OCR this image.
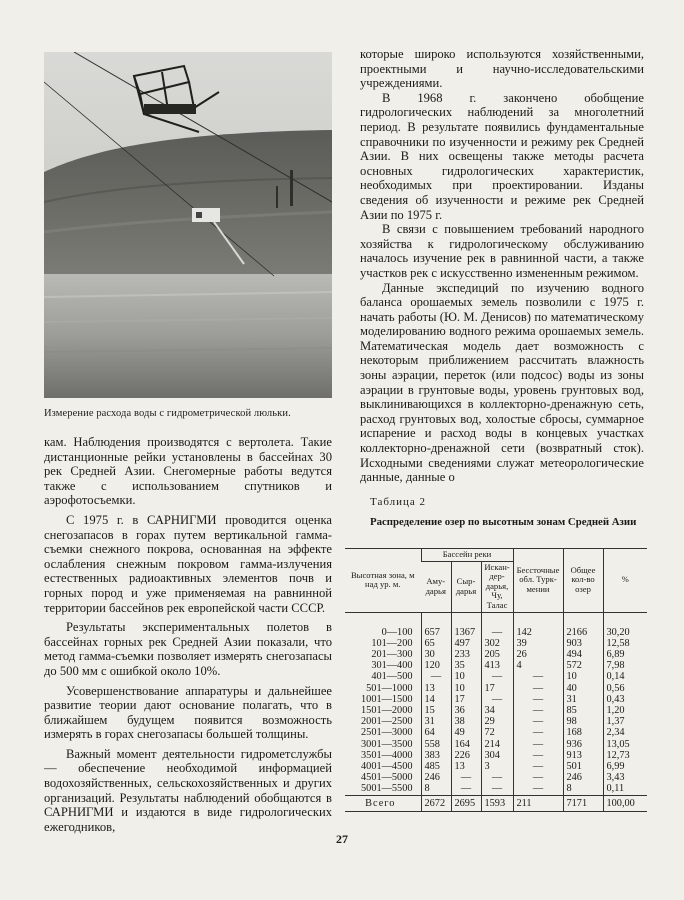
Измерение расхода воды с гидрометрической люльки.

кам. Наблюдения производятся с вертолета. Такие дистанционные рейки установлены в бассейнах 30 рек Средней Азии. Снегомерные работы ведутся также с использованием спутников и аэрофотосъемки.

С 1975 г. в САРНИГМИ проводится оценка снегозапасов в горах путем вертикальной гамма-съемки снежного покрова, основанная на эффекте ослабления снежным покровом гамма-излучения естественных радиоактивных элементов почв и горных пород и уже применяемая на равнинной территории бассейнов рек европейской части СССР.

Результаты экспериментальных полетов в бассейнах горных рек Средней Азии показали, что метод гамма-съемки позволяет измерять снегозапасы до 500 мм с ошибкой около 10%.

Усовершенствование аппаратуры и дальнейшее развитие теории дают основание полагать, что в ближайшем будущем появится возможность измерять в горах снегозапасы большей толщины.

Важный момент деятельности гидрометслужбы — обеспечение необходимой информацией водохозяйственных, сельскохозяйственных и других организаций. Результаты наблюдений обобщаются в САРНИГМИ и издаются в виде гидрологических ежегодников,

которые широко используются хозяйственными, проектными и научно-исследовательскими учреждениями.

В 1968 г. закончено обобщение гидрологических наблюдений за многолетний период. В результате появились фундаментальные справочники по изученности и режиму рек Средней Азии. В них освещены также методы расчета основных гидрологических характеристик, необходимых при проектировании. Изданы сведения об изученности и режиме рек Средней Азии по 1975 г.

В связи с повышением требований народного хозяйства к гидрологическому обслуживанию началось изучение рек в равнинной части, а также участков рек с искусственно измененным режимом.

Данные экспедиций по изучению водного баланса орошаемых земель позволили с 1975 г. начать работы (Ю. М. Денисов) по математическому моделированию водного режима орошаемых земель. Математическая модель дает возможность с некоторым приближением рассчитать влажность зоны аэрации, переток (или подсос) воды из зоны аэрации в грунтовые воды, уровень грунтовых вод, выклинивающихся в коллекторно-дренажную сеть, расход грунтовых вод, холостые сбросы, суммарное испарение и расход воды в концевых участках коллекторно-дренажной сети (возвратный сток). Исходными сведениями служат метеорологические данные, данные о

Таблица 2
Распределение озер по высотным зонам Средней Азии
Высотная зона, м над ур. м.	Бассейн реки			Бессточные обл. Турк-мении	Общее кол-во озер	%
	Аму-дарья	Сыр-дарья	Искан-дер-дарья, Чу, Талас			
0—100	657	1367	—	142	2166	30,20
101—200	65	497	302	39	903	12,58
201—300	30	233	205	26	494	6,89
301—400	120	35	413	4	572	7,98
401—500	—	10	—	—	10	0,14
501—1000	13	10	17	—	40	0,56
1001—1500	14	17	—	—	31	0,43
1501—2000	15	36	34	—	85	1,20
2001—2500	31	38	29	—	98	1,37
2501—3000	64	49	72	—	168	2,34
3001—3500	558	164	214	—	936	13,05
3501—4000	383	226	304	—	913	12,73
4001—4500	485	13	3	—	501	6,99
4501—5000	246	—	—	—	246	3,43
5001—5500	8	—	—	—	8	0,11
Всего	2672	2695	1593	211	7171	100,00
27
